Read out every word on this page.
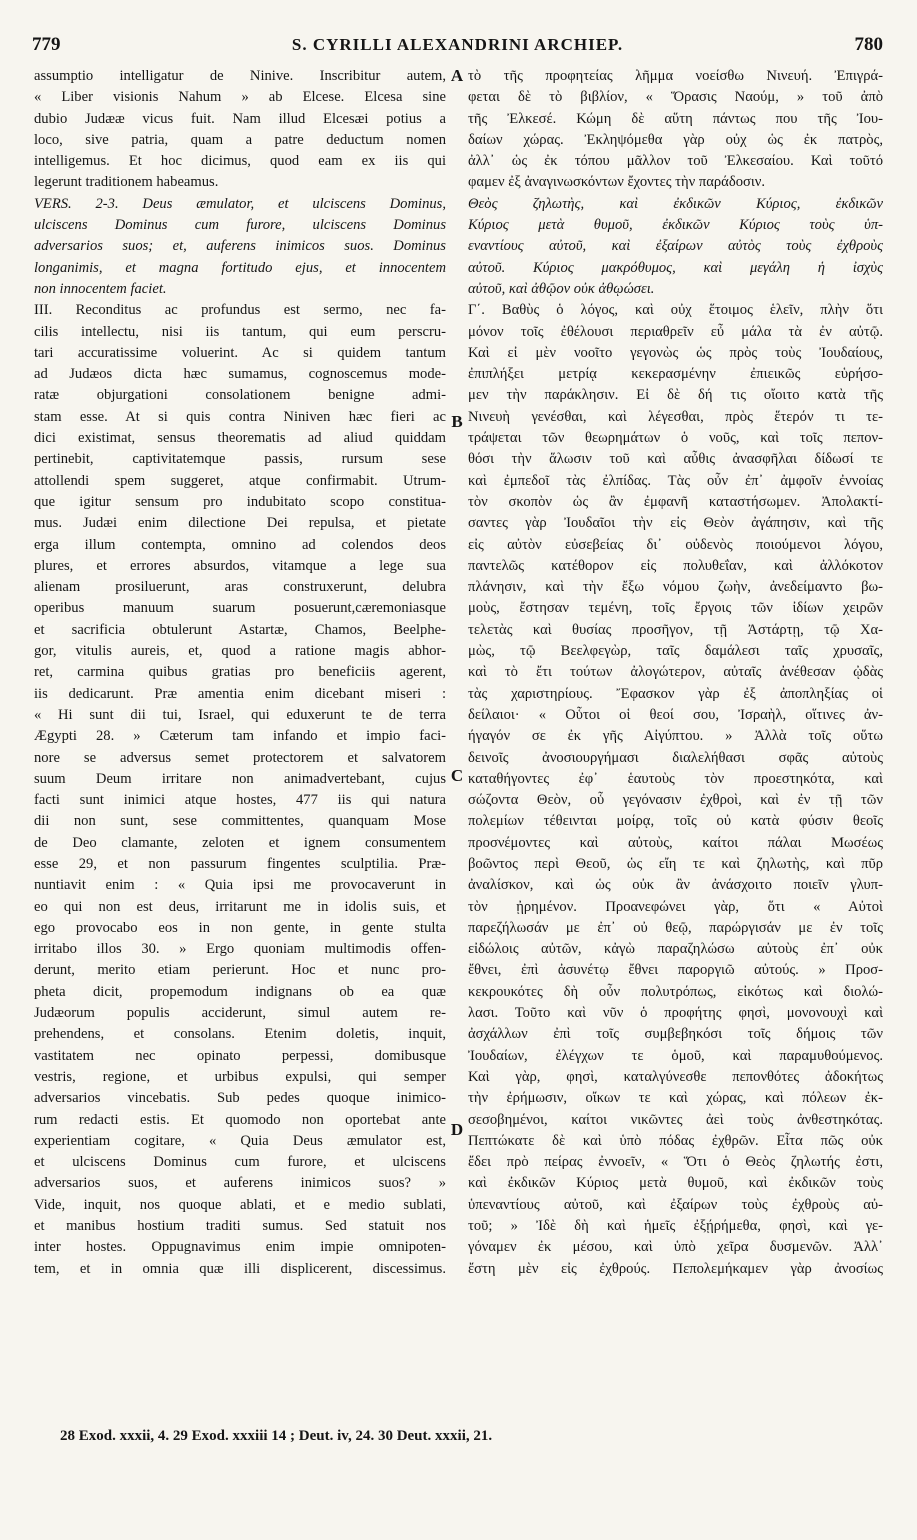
779	S. CYRILLI ALEXANDRINI ARCHIEP.	780
assumptio intelligatur de Ninive. Inscribitur autem,
« Liber visionis Nahum » ab Elcese. Elcesa sine
dubio Judææ vicus fuit. Nam illud Elcesæi potius a
loco, sive patria, quam a patre deductum nomen
intelligemus. Et hoc dicimus, quod eam ex iis qui
legerunt traditionem habeamus.
VERS. 2-3. Deus æmulator, et ulciscens Dominus,
ulciscens Dominus cum furore, ulciscens Dominus
adversarios suos; et, auferens inimicos suos. Dominus
longanimis, et magna fortitudo ejus, et innocentem
non innocentem faciet.
III. Reconditus ac profundus est sermo, nec fa-
cilis intellectu, nisi iis tantum, qui eum perscru-
tari accuratissime voluerint. Ac si quidem tantum
ad Judæos dicta hæc sumamus, cognoscemus mode-
ratæ objurgationi consolationem benigne admi-
stam esse. At si quis contra Niniven hæc fieri ac
dici existimat, sensus theorematis ad aliud quiddam
pertinebit, captivitatemque passis, rursum sese
attollendi spem suggeret, atque confirmabit. Utrum-
que igitur sensum pro indubitato scopo constitua-
mus. Judæi enim dilectione Dei repulsa, et pietate
erga illum contempta, omnino ad colendos deos
plures, et errores absurdos, vitamque a lege sua
alienam prosiluerunt, aras construxerunt, delubra
operibus manuum suarum posuerunt,cæremoniasque
et sacrificia obtulerunt Astartæ, Chamos, Beelphe-
gor, vitulis aureis, et, quod a ratione magis abhor-
ret, carmina quibus gratias pro beneficiis agerent,
iis dedicarunt. Præ amentia enim dicebant miseri :
« Hi sunt dii tui, Israel, qui eduxerunt te de terra
Ægypti 28. » Cæterum tam infando et impio faci-
nore se adversus semet protectorem et salvatorem
suum Deum irritare non animadvertebant, cujus
facti sunt inimici atque hostes, 477 iis qui natura
dii non sunt, sese committentes, quanquam Mose
de Deo clamante, zeloten et ignem consumentem
esse 29, et non passurum fingentes sculptilia. Præ-
nuntiavit enim : « Quia ipsi me provocaverunt in
eo qui non est deus, irritarunt me in idolis suis, et
ego provocabo eos in non gente, in gente stulta
irritabo illos 30. » Ergo quoniam multimodis offen-
derunt, merito etiam perierunt. Hoc et nunc pro-
pheta dicit, propemodum indignans ob ea quæ
Judæorum populis acciderunt, simul autem re-
prehendens, et consolans. Etenim doletis, inquit,
vastitatem nec opinato perpessi, domibusque
vestris, regione, et urbibus expulsi, qui semper
adversarios vincebatis. Sub pedes quoque inimico-
rum redacti estis. Et quomodo non oportebat ante
experientiam cogitare, « Quia Deus æmulator est,
et ulciscens Dominus cum furore, et ulciscens
adversarios suos, et auferens inimicos suos? »
Vide, inquit, nos quoque ablati, et e medio sublati,
et manibus hostium traditi sumus. Sed statuit nos
inter hostes. Oppugnavimus enim impie omnipoten-
tem, et in omnia quæ illi displicerent, discessimus.
τὸ τῆς προφητείας λῆμμα νοείσθω Νινευή. Ἐπιγρά-
φεται δὲ τὸ βιβλίον, « Ὅρασις Ναούμ, » τοῦ ἀπὸ
τῆς Ἐλκεσέ. Κώμη δὲ αὕτη πάντως που τῆς Ἰου-
δαίων χώρας. Ἐκληψόμεθα γὰρ οὐχ ὡς ἐκ πατρὸς,
ἀλλ᾽ ὡς ἐκ τόπου μᾶλλον τοῦ Ἐλκεσαίου. Καὶ τοῦτό
φαμεν ἐξ ἀναγινωσκόντων ἔχοντες τὴν παράδοσιν.
Θεὸς ζηλωτὴς, καὶ ἐκδικῶν Κύριος, ἐκδικῶν
Κύριος μετὰ θυμοῦ, ἐκδικῶν Κύριος τοὺς ὑπ-
εναντίους αὐτοῦ, καὶ ἐξαίρων αὐτὸς τοὺς ἐχθροὺς
αὐτοῦ. Κύριος μακρόθυμος, καὶ μεγάλη ἡ ἰσχὺς
αὐτοῦ, καὶ ἀθῷον οὐκ ἀθῳώσει.
Γ΄. Βαθὺς ὁ λόγος, καὶ οὐχ ἕτοιμος ἑλεῖν, πλὴν ὅτι
μόνον τοῖς ἐθέλουσι περιαθρεῖν εὖ μάλα τὰ ἐν αὐτῷ.
Καὶ εἰ μὲν νοοῖτο γεγονὼς ὡς πρὸς τοὺς Ἰουδαίους,
ἐπιπλήξει μετρίᾳ κεκερασμένην ἐπιεικῶς εὑρήσο-
μεν τὴν παράκλησιν. Εἰ δὲ δή τις οἴοιτο κατὰ τῆς
Νινευὴ γενέσθαι, καὶ λέγεσθαι, πρὸς ἕτερόν τι τε-
τράψεται τῶν θεωρημάτων ὁ νοῦς, καὶ τοῖς πεπον-
θόσι τὴν ἅλωσιν τοῦ καὶ αὖθις ἀνασφῆλαι δίδωσί τε
καὶ ἐμπεδοῖ τὰς ἐλπίδας. Τὰς οὖν ἐπ᾽ ἀμφοῖν ἐννοίας
τὸν σκοπὸν ὡς ἂν ἐμφανῆ καταστήσωμεν. Ἀπολακτί-
σαντες γὰρ Ἰουδαῖοι τὴν εἰς Θεὸν ἀγάπησιν, καὶ τῆς
εἰς αὐτὸν εὐσεβείας δι᾽ οὐδενὸς ποιούμενοι λόγου,
παντελῶς κατέθορον εἰς πολυθεΐαν, καὶ ἀλλόκοτον
πλάνησιν, καὶ τὴν ἔξω νόμου ζωὴν, ἀνεδείμαντο βω-
μοὺς, ἔστησαν τεμένη, τοῖς ἔργοις τῶν ἰδίων χειρῶν
τελετὰς καὶ θυσίας προσῆγον, τῇ Ἀστάρτῃ, τῷ Χα-
μὼς, τῷ Βεελφεγὼρ, ταῖς δαμάλεσι ταῖς χρυσαῖς,
καὶ τὸ ἔτι τούτων ἀλογώτερον, αὐταῖς ἀνέθεσαν ᾠδὰς
τὰς χαριστηρίους. Ἔφασκον γὰρ ἐξ ἀποπληξίας οἱ
δείλαιοι· « Οὗτοι οἱ θεοί σου, Ἰσραὴλ, οἵτινες ἀν-
ήγαγόν σε ἐκ γῆς Αἰγύπτου. » Ἀλλὰ τοῖς οὕτω
δεινοῖς ἀνοσιουργήμασι διαλελήθασι σφᾶς αὐτοὺς
καταθήγοντες ἐφ᾽ ἑαυτοὺς τὸν προεστηκότα, καὶ
σώζοντα Θεὸν, οὗ γεγόνασιν ἐχθροὶ, καὶ ἐν τῇ τῶν
πολεμίων τέθεινται μοίρᾳ, τοῖς οὐ κατὰ φύσιν θεοῖς
προσνέμοντες καὶ αὐτοὺς, καίτοι πάλαι Μωσέως
βοῶντος περὶ Θεοῦ, ὡς εἴη τε καὶ ζηλωτὴς, καὶ πῦρ
ἀναλίσκον, καὶ ὡς οὐκ ἂν ἀνάσχοιτο ποιεῖν γλυπ-
τὸν ᾐρημένον. Προανεφώνει γὰρ, ὅτι « Αὐτοὶ
παρεζήλωσάν με ἐπ᾽ οὐ θεῷ, παρώργισάν με ἐν τοῖς
εἰδώλοις αὐτῶν, κἀγὼ παραζηλώσω αὐτοὺς ἐπ᾽ οὐκ
ἔθνει, ἐπὶ ἀσυνέτῳ ἔθνει παροργιῶ αὐτούς. » Προσ-
κεκρουκότες δὴ οὖν πολυτρόπως, εἰκότως καὶ διολώ-
λασι. Τοῦτο καὶ νῦν ὁ προφήτης φησὶ, μονονουχὶ καὶ
ἀσχάλλων ἐπὶ τοῖς συμβεβηκόσι τοῖς δήμοις τῶν
Ἰουδαίων, ἐλέγχων τε ὁμοῦ, καὶ παραμυθούμενος.
Καὶ γὰρ, φησὶ, καταλγύνεσθε πεπονθότες ἀδοκήτως
τὴν ἐρήμωσιν, οἴκων τε καὶ χώρας, καὶ πόλεων ἐκ-
σεσοβημένοι, καίτοι νικῶντες ἀεὶ τοὺς ἀνθεστηκότας.
Πεπτώκατε δὲ καὶ ὑπὸ πόδας ἐχθρῶν. Εἶτα πῶς οὐκ
ἔδει πρὸ πείρας ἐννοεῖν, « Ὅτι ὁ Θεὸς ζηλωτής ἐστι,
καὶ ἐκδικῶν Κύριος μετὰ θυμοῦ, καὶ ἐκδικῶν τοὺς
ὑπεναντίους αὐτοῦ, καὶ ἐξαίρων τοὺς ἐχθροὺς αὐ-
τοῦ; » Ἰδὲ δὴ καὶ ἡμεῖς ἐξῄρήμεθα, φησὶ, καὶ γε-
γόναμεν ἐκ μέσου, καὶ ὑπὸ χεῖρα δυσμενῶν. Ἀλλ᾽
ἔστη μὲν εἰς ἐχθρούς. Πεπολεμήκαμεν γὰρ ἀνοσίως
A
B
C
D
28 Exod. xxxii, 4. 29 Exod. xxxiii 14 ; Deut. iv, 24. 30 Deut. xxxii, 21.
